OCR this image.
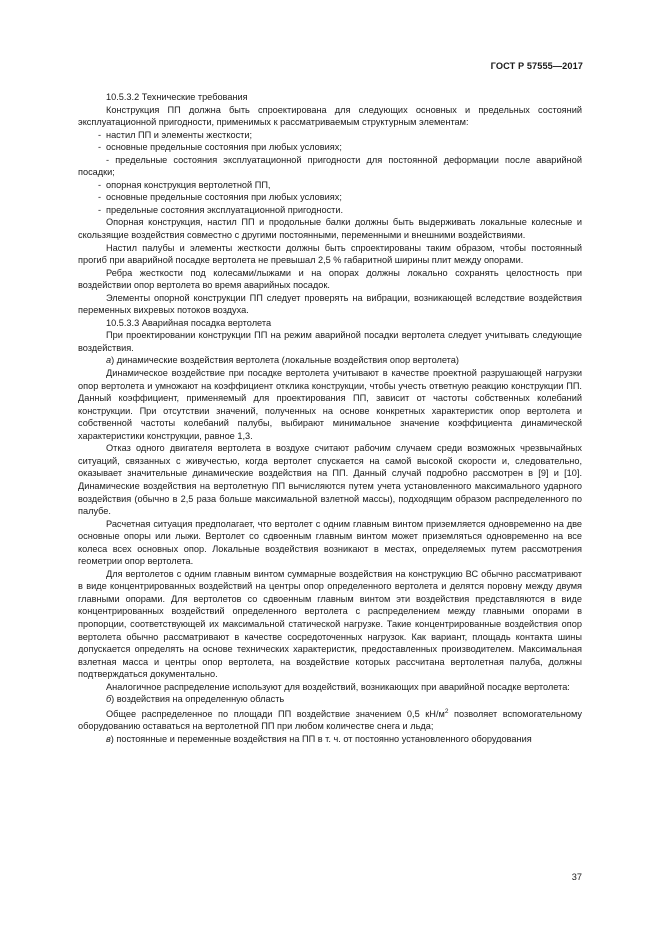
ГОСТ Р 57555—2017

10.5.3.2 Технические требования

Конструкция ПП должна быть спроектирована для следующих основных и предельных состояний эксплуатационной пригодности, применимых к рассматриваемым структурным элементам:

- настил ПП и элементы жесткости;

- основные предельные состояния при любых условиях;

- предельные состояния эксплуатационной пригодности для постоянной деформации после аварийной посадки;

- опорная конструкция вертолетной ПП,

- основные предельные состояния при любых условиях;

- предельные состояния эксплуатационной пригодности.

Опорная конструкция, настил ПП и продольные балки должны быть выдерживать локальные колесные и скользящие воздействия совместно с другими постоянными, переменными и внешними воздействиями.

Настил палубы и элементы жесткости должны быть спроектированы таким образом, чтобы постоянный прогиб при аварийной посадке вертолета не превышал 2,5 % габаритной ширины плит между опорами.

Ребра жесткости под колесами/лыжами и на опорах должны локально сохранять целостность при воздействии опор вертолета во время аварийных посадок.

Элементы опорной конструкции ПП следует проверять на вибрации, возникающей вследствие воздействия переменных вихревых потоков воздуха.

10.5.3.3 Аварийная посадка вертолета

При проектировании конструкции ПП на режим аварийной посадки вертолета следует учитывать следующие воздействия.

а) динамические воздействия вертолета (локальные воздействия опор вертолета)

Динамическое воздействие при посадке вертолета учитывают в качестве проектной разрушающей нагрузки опор вертолета и умножают на коэффициент отклика конструкции, чтобы учесть ответную реакцию конструкции ПП. Данный коэффициент, применяемый для проектирования ПП, зависит от частоты собственных колебаний конструкции. При отсутствии значений, полученных на основе конкретных характеристик опор вертолета и собственной частоты колебаний палубы, выбирают минимальное значение коэффициента динамической характеристики конструкции, равное 1,3.

Отказ одного двигателя вертолета в воздухе считают рабочим случаем среди возможных чрезвычайных ситуаций, связанных с живучестью, когда вертолет спускается на самой высокой скорости и, следовательно, оказывает значительные динамические воздействия на ПП. Данный случай подробно рассмотрен в [9] и [10]. Динамические воздействия на вертолетную ПП вычисляются путем учета установленного максимального ударного воздействия (обычно в 2,5 раза больше максимальной взлетной массы), подходящим образом распределенного по палубе.

Расчетная ситуация предполагает, что вертолет с одним главным винтом приземляется одновременно на две основные опоры или лыжи. Вертолет со сдвоенным главным винтом может приземляться одновременно на все колеса всех основных опор. Локальные воздействия возникают в местах, определяемых путем рассмотрения геометрии опор вертолета.

Для вертолетов с одним главным винтом суммарные воздействия на конструкцию ВС обычно рассматривают в виде концентрированных воздействий на центры опор определенного вертолета и делятся поровну между двумя главными опорами. Для вертолетов со сдвоенным главным винтом эти воздействия представляются в виде концентрированных воздействий определенного вертолета с распределением между главными опорами в пропорции, соответствующей их максимальной статической нагрузке. Такие концентрированные воздействия опор вертолета обычно рассматривают в качестве сосредоточенных нагрузок. Как вариант, площадь контакта шины допускается определять на основе технических характеристик, предоставленных производителем. Максимальная взлетная масса и центры опор вертолета, на воздействие которых рассчитана вертолетная палуба, должны подтверждаться документально.

Аналогичное распределение используют для воздействий, возникающих при аварийной посадке вертолета:

б) воздействия на определенную область

Общее распределенное по площади ПП воздействие значением 0,5 $кН/м^2$ позволяет вспомогательному оборудованию оставаться на вертолетной ПП при любом количестве снега и льда;

в) постоянные и переменные воздействия на ПП в т. ч. от постоянно установленного оборудования

37
